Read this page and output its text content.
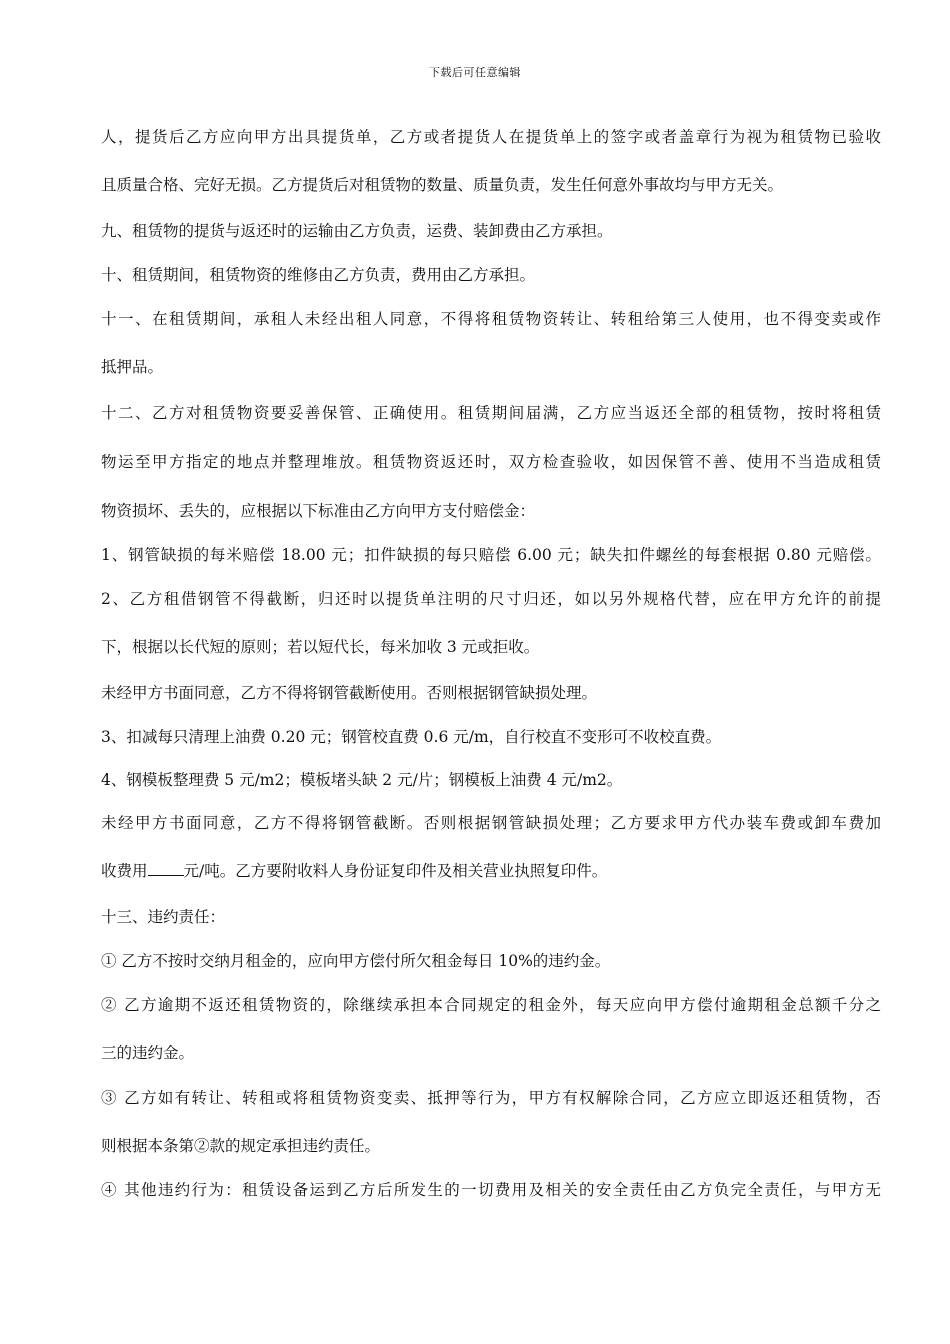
下载后可任意编辑
人，提货后乙方应向甲方出具提货单，乙方或者提货人在提货单上的签字或者盖章行为视为租赁物已验收
且质量合格、完好无损。乙方提货后对租赁物的数量、质量负责，发生任何意外事故均与甲方无关。
九、租赁物的提货与返还时的运输由乙方负责，运费、装卸费由乙方承担。
十、租赁期间，租赁物资的维修由乙方负责，费用由乙方承担。
十一、在租赁期间，承租人未经出租人同意，不得将租赁物资转让、转租给第三人使用，也不得变卖或作
抵押品。
十二、乙方对租赁物资要妥善保管、正确使用。租赁期间届满，乙方应当返还全部的租赁物，按时将租赁
物运至甲方指定的地点并整理堆放。租赁物资返还时，双方检查验收，如因保管不善、使用不当造成租赁
物资损坏、丢失的，应根据以下标准由乙方向甲方支付赔偿金：
1、钢管缺损的每米赔偿 18.00 元；扣件缺损的每只赔偿 6.00 元；缺失扣件螺丝的每套根据 0.80 元赔偿。
2、乙方租借钢管不得截断，归还时以提货单注明的尺寸归还，如以另外规格代替，应在甲方允许的前提
下，根据以长代短的原则；若以短代长，每米加收 3 元或拒收。
未经甲方书面同意，乙方不得将钢管截断使用。否则根据钢管缺损处理。
3、扣减每只清理上油费 0.20 元；钢管校直费 0.6 元/m，自行校直不变形可不收校直费。
4、钢模板整理费 5 元/m2；模板堵头缺 2 元/片；钢模板上油费 4 元/m2。
未经甲方书面同意，乙方不得将钢管截断。否则根据钢管缺损处理；乙方要求甲方代办装车费或卸车费加
收费用 元/吨。乙方要附收料人身份证复印件及相关营业执照复印件。
十三、违约责任：
① 乙方不按时交纳月租金的，应向甲方偿付所欠租金每日 10%的违约金。
② 乙方逾期不返还租赁物资的，除继续承担本合同规定的租金外，每天应向甲方偿付逾期租金总额千分之
三的违约金。
③ 乙方如有转让、转租或将租赁物资变卖、抵押等行为，甲方有权解除合同，乙方应立即返还租赁物，否
则根据本条第②款的规定承担违约责任。
④ 其他违约行为：租赁设备运到乙方后所发生的一切费用及相关的安全责任由乙方负完全责任，与甲方无
